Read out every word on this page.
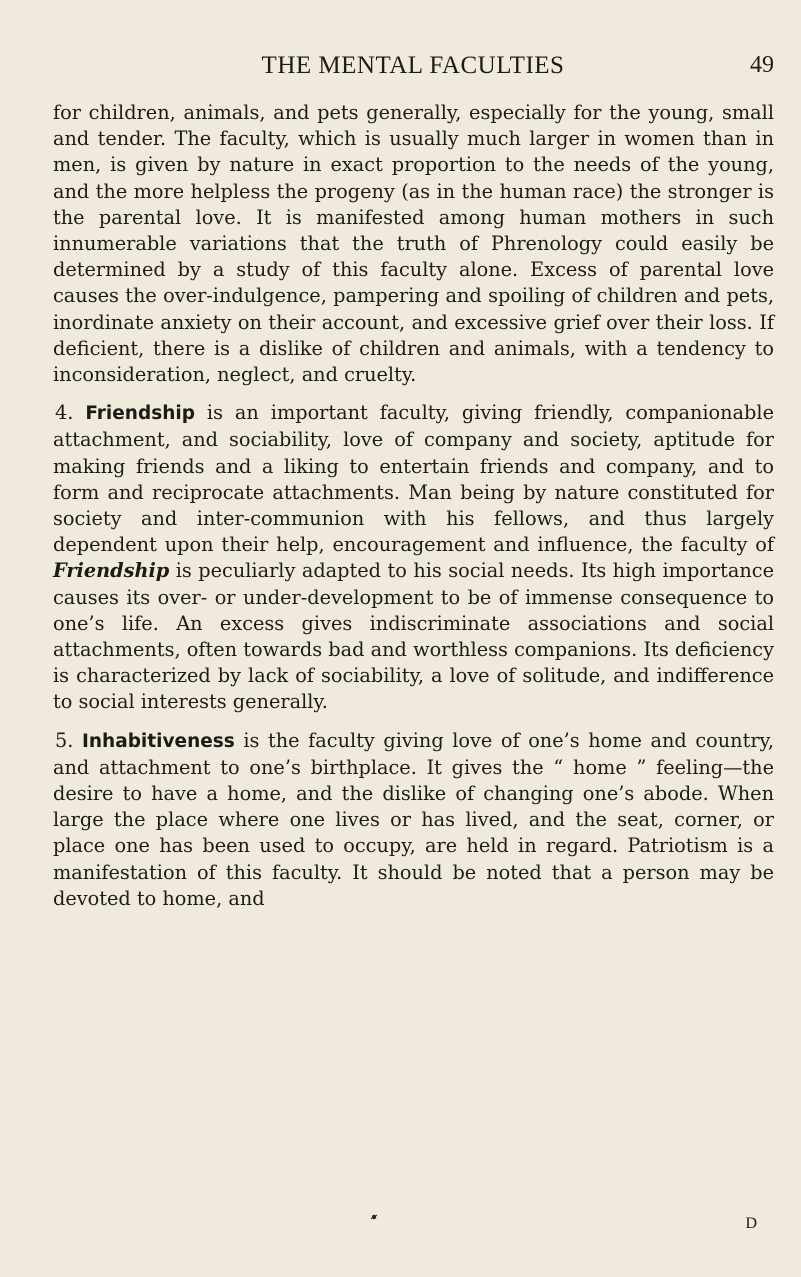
THE MENTAL FACULTIES	49

for children, animals, and pets generally, especially for the young, small and tender. The faculty, which is usually much larger in women than in men, is given by nature in exact proportion to the needs of the young, and the more helpless the progeny (as in the human race) the stronger is the parental love. It is manifested among human mothers in such innumerable variations that the truth of Phrenology could easily be determined by a study of this faculty alone. Excess of parental love causes the over-indulgence, pampering and spoiling of children and pets, inordinate anxiety on their account, and excessive grief over their loss. If deficient, there is a dislike of children and animals, with a tendency to inconsideration, neglect, and cruelty.

4. Friendship is an important faculty, giving friendly, companionable attachment, and sociability, love of company and society, aptitude for making friends and a liking to entertain friends and company, and to form and reciprocate attachments. Man being by nature constituted for society and inter-communion with his fellows, and thus largely dependent upon their help, encouragement and influence, the faculty of Friendship is peculiarly adapted to his social needs. Its high importance causes its over- or under-development to be of immense consequence to one’s life. An excess gives indiscriminate associations and social attachments, often towards bad and worthless companions. Its deficiency is characterized by lack of sociability, a love of solitude, and indifference to social interests generally.

5. Inhabitiveness is the faculty giving love of one’s home and country, and attachment to one’s birthplace. It gives the “ home ” feeling—the desire to have a home, and the dislike of changing one’s abode. When large the place where one lives or has lived, and the seat, corner, or place one has been used to occupy, are held in regard. Patriotism is a manifestation of this faculty. It should be noted that a person may be devoted to home, and

D
